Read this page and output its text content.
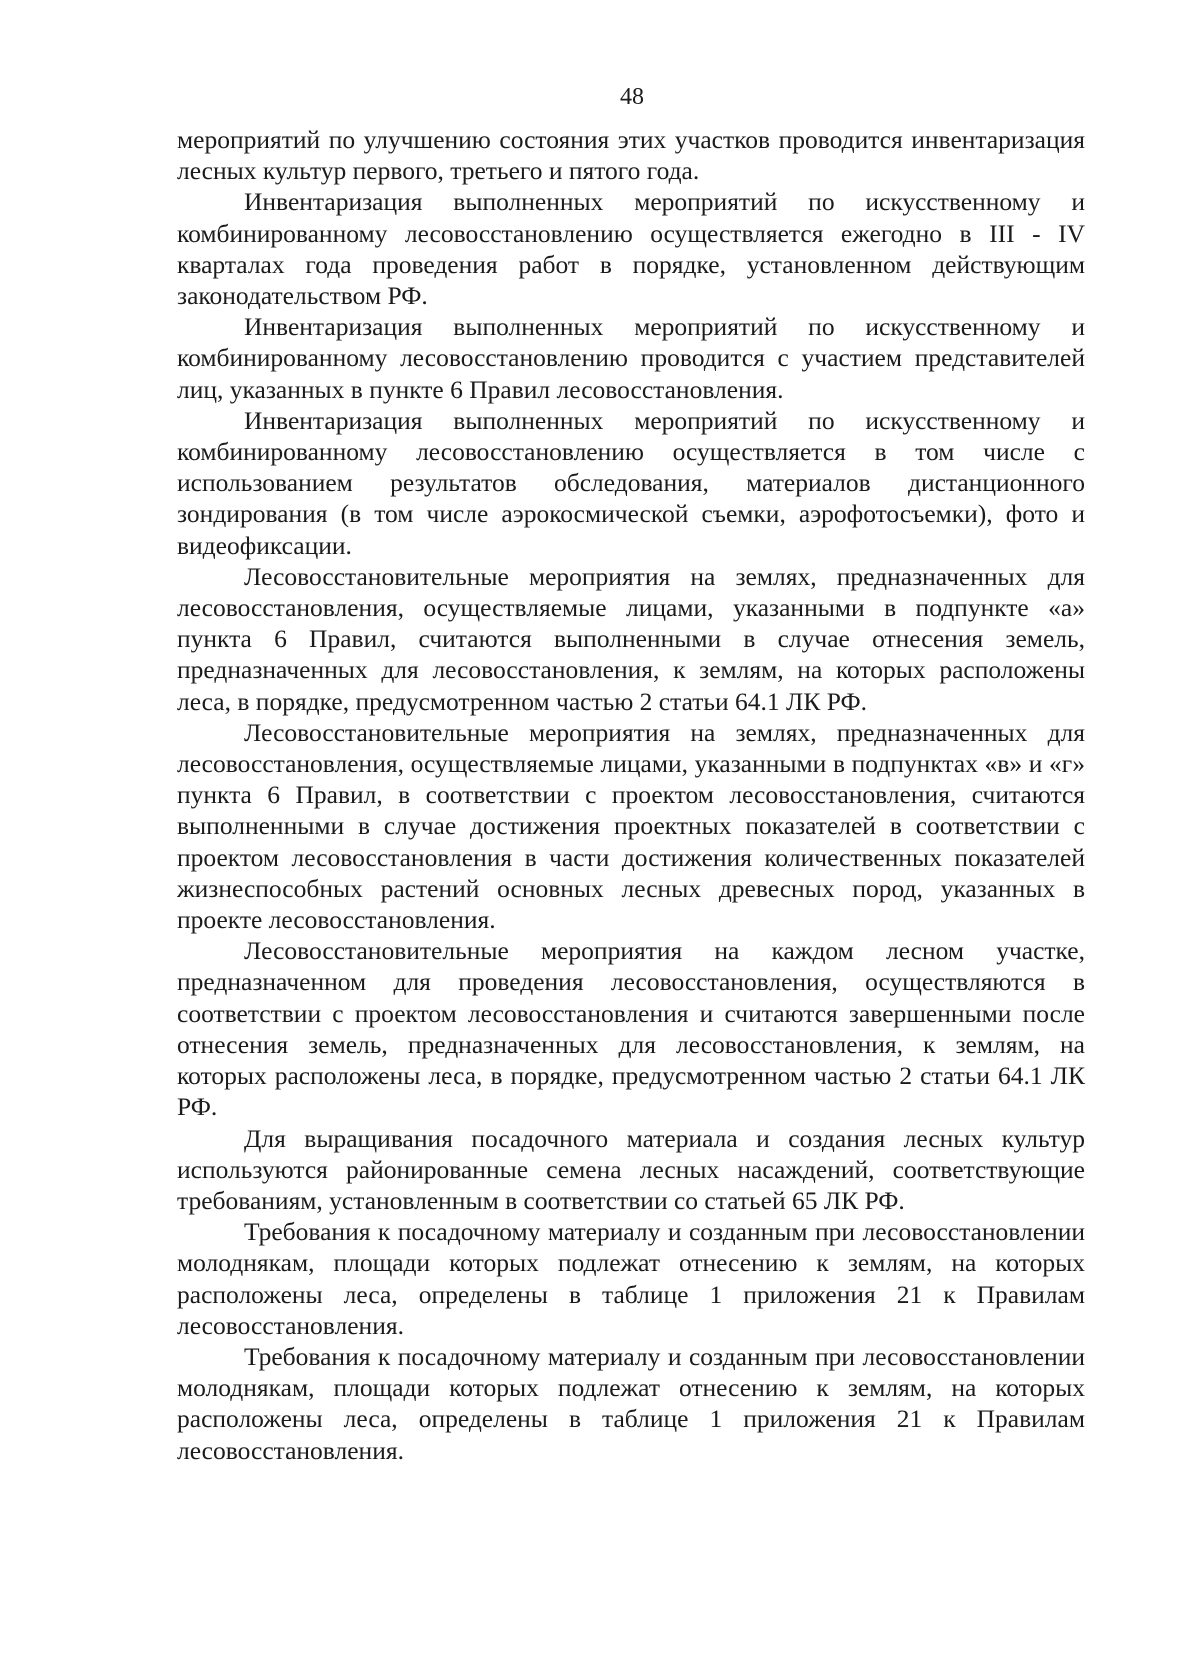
48

мероприятий по улучшению состояния этих участков проводится инвентаризация лесных культур первого, третьего и пятого года.

Инвентаризация выполненных мероприятий по искусственному и комбинированному лесовосстановлению осуществляется ежегодно в III - IV кварталах года проведения работ в порядке, установленном действующим законодательством РФ.

Инвентаризация выполненных мероприятий по искусственному и комбинированному лесовосстановлению проводится с участием представителей лиц, указанных в пункте 6 Правил лесовосстановления.

Инвентаризация выполненных мероприятий по искусственному и комбинированному лесовосстановлению осуществляется в том числе с использованием результатов обследования, материалов дистанционного зондирования (в том числе аэрокосмической съемки, аэрофотосъемки), фото и видеофиксации.

Лесовосстановительные мероприятия на землях, предназначенных для лесовосстановления, осуществляемые лицами, указанными в подпункте «а» пункта 6 Правил, считаются выполненными в случае отнесения земель, предназначенных для лесовосстановления, к землям, на которых расположены леса, в порядке, предусмотренном частью 2 статьи 64.1 ЛК РФ.

Лесовосстановительные мероприятия на землях, предназначенных для лесовосстановления, осуществляемые лицами, указанными в подпунктах «в» и «г» пункта 6 Правил, в соответствии с проектом лесовосстановления, считаются выполненными в случае достижения проектных показателей в соответствии с проектом лесовосстановления в части достижения количественных показателей жизнеспособных растений основных лесных древесных пород, указанных в проекте лесовосстановления.

Лесовосстановительные мероприятия на каждом лесном участке, предназначенном для проведения лесовосстановления, осуществляются в соответствии с проектом лесовосстановления и считаются завершенными после отнесения земель, предназначенных для лесовосстановления, к землям, на которых расположены леса, в порядке, предусмотренном частью 2 статьи 64.1 ЛК РФ.

Для выращивания посадочного материала и создания лесных культур используются районированные семена лесных насаждений, соответствующие требованиям, установленным в соответствии со статьей 65 ЛК РФ.

Требования к посадочному материалу и созданным при лесовосстановлении молоднякам, площади которых подлежат отнесению к землям, на которых расположены леса, определены в таблице 1 приложения 21 к Правилам лесовосстановления.

Требования к посадочному материалу и созданным при лесовосстановлении молоднякам, площади которых подлежат отнесению к землям, на которых расположены леса, определены в таблице 1 приложения 21 к Правилам лесовосстановления.
